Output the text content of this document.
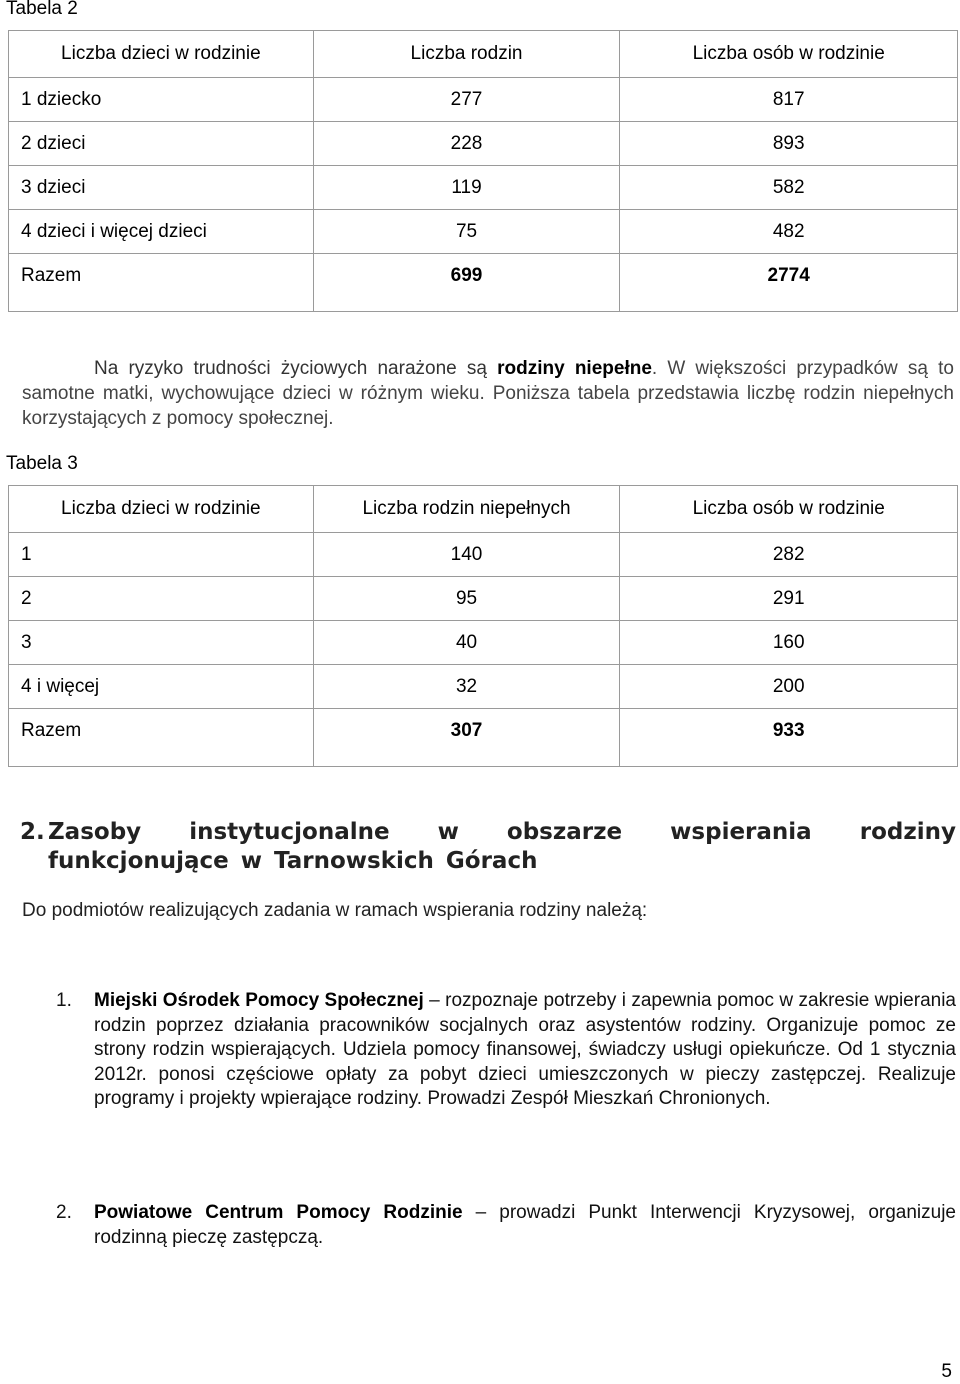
Tabela 2
Liczba dzieci w rodzinie	Liczba rodzin	Liczba osób w rodzinie
1 dziecko	277	817
2 dzieci	228	893
3 dzieci	119	582
4 dzieci i więcej dzieci	75	482
Razem	699	2774
Na ryzyko trudności życiowych narażone są rodziny niepełne. W większości przypadków są to samotne matki, wychowujące dzieci w różnym wieku. Poniższa tabela przedstawia liczbę rodzin niepełnych korzystających z pomocy społecznej.
Tabela 3
Liczba dzieci w rodzinie	Liczba rodzin niepełnych	Liczba osób w rodzinie
1	140	282
2	95	291
3	40	160
4 i więcej	32	200
Razem	307	933
2. Zasoby instytucjonalne w obszarze wspierania rodziny funkcjonujące w Tarnowskich Górach
Do podmiotów realizujących zadania w ramach wspierania rodziny należą:
1.	Miejski Ośrodek Pomocy Społecznej – rozpoznaje potrzeby i zapewnia pomoc w zakresie wpierania rodzin poprzez działania pracowników socjalnych oraz asystentów rodziny. Organizuje pomoc ze strony rodzin wspierających. Udziela pomocy finansowej, świadczy usługi opiekuńcze. Od 1 stycznia 2012r. ponosi częściowe opłaty za pobyt dzieci umieszczonych w pieczy zastępczej. Realizuje programy i projekty wpierające rodziny. Prowadzi Zespół Mieszkań Chronionych.
2.	Powiatowe Centrum Pomocy Rodzinie – prowadzi Punkt Interwencji Kryzysowej, organizuje rodzinną pieczę zastępczą.
5
